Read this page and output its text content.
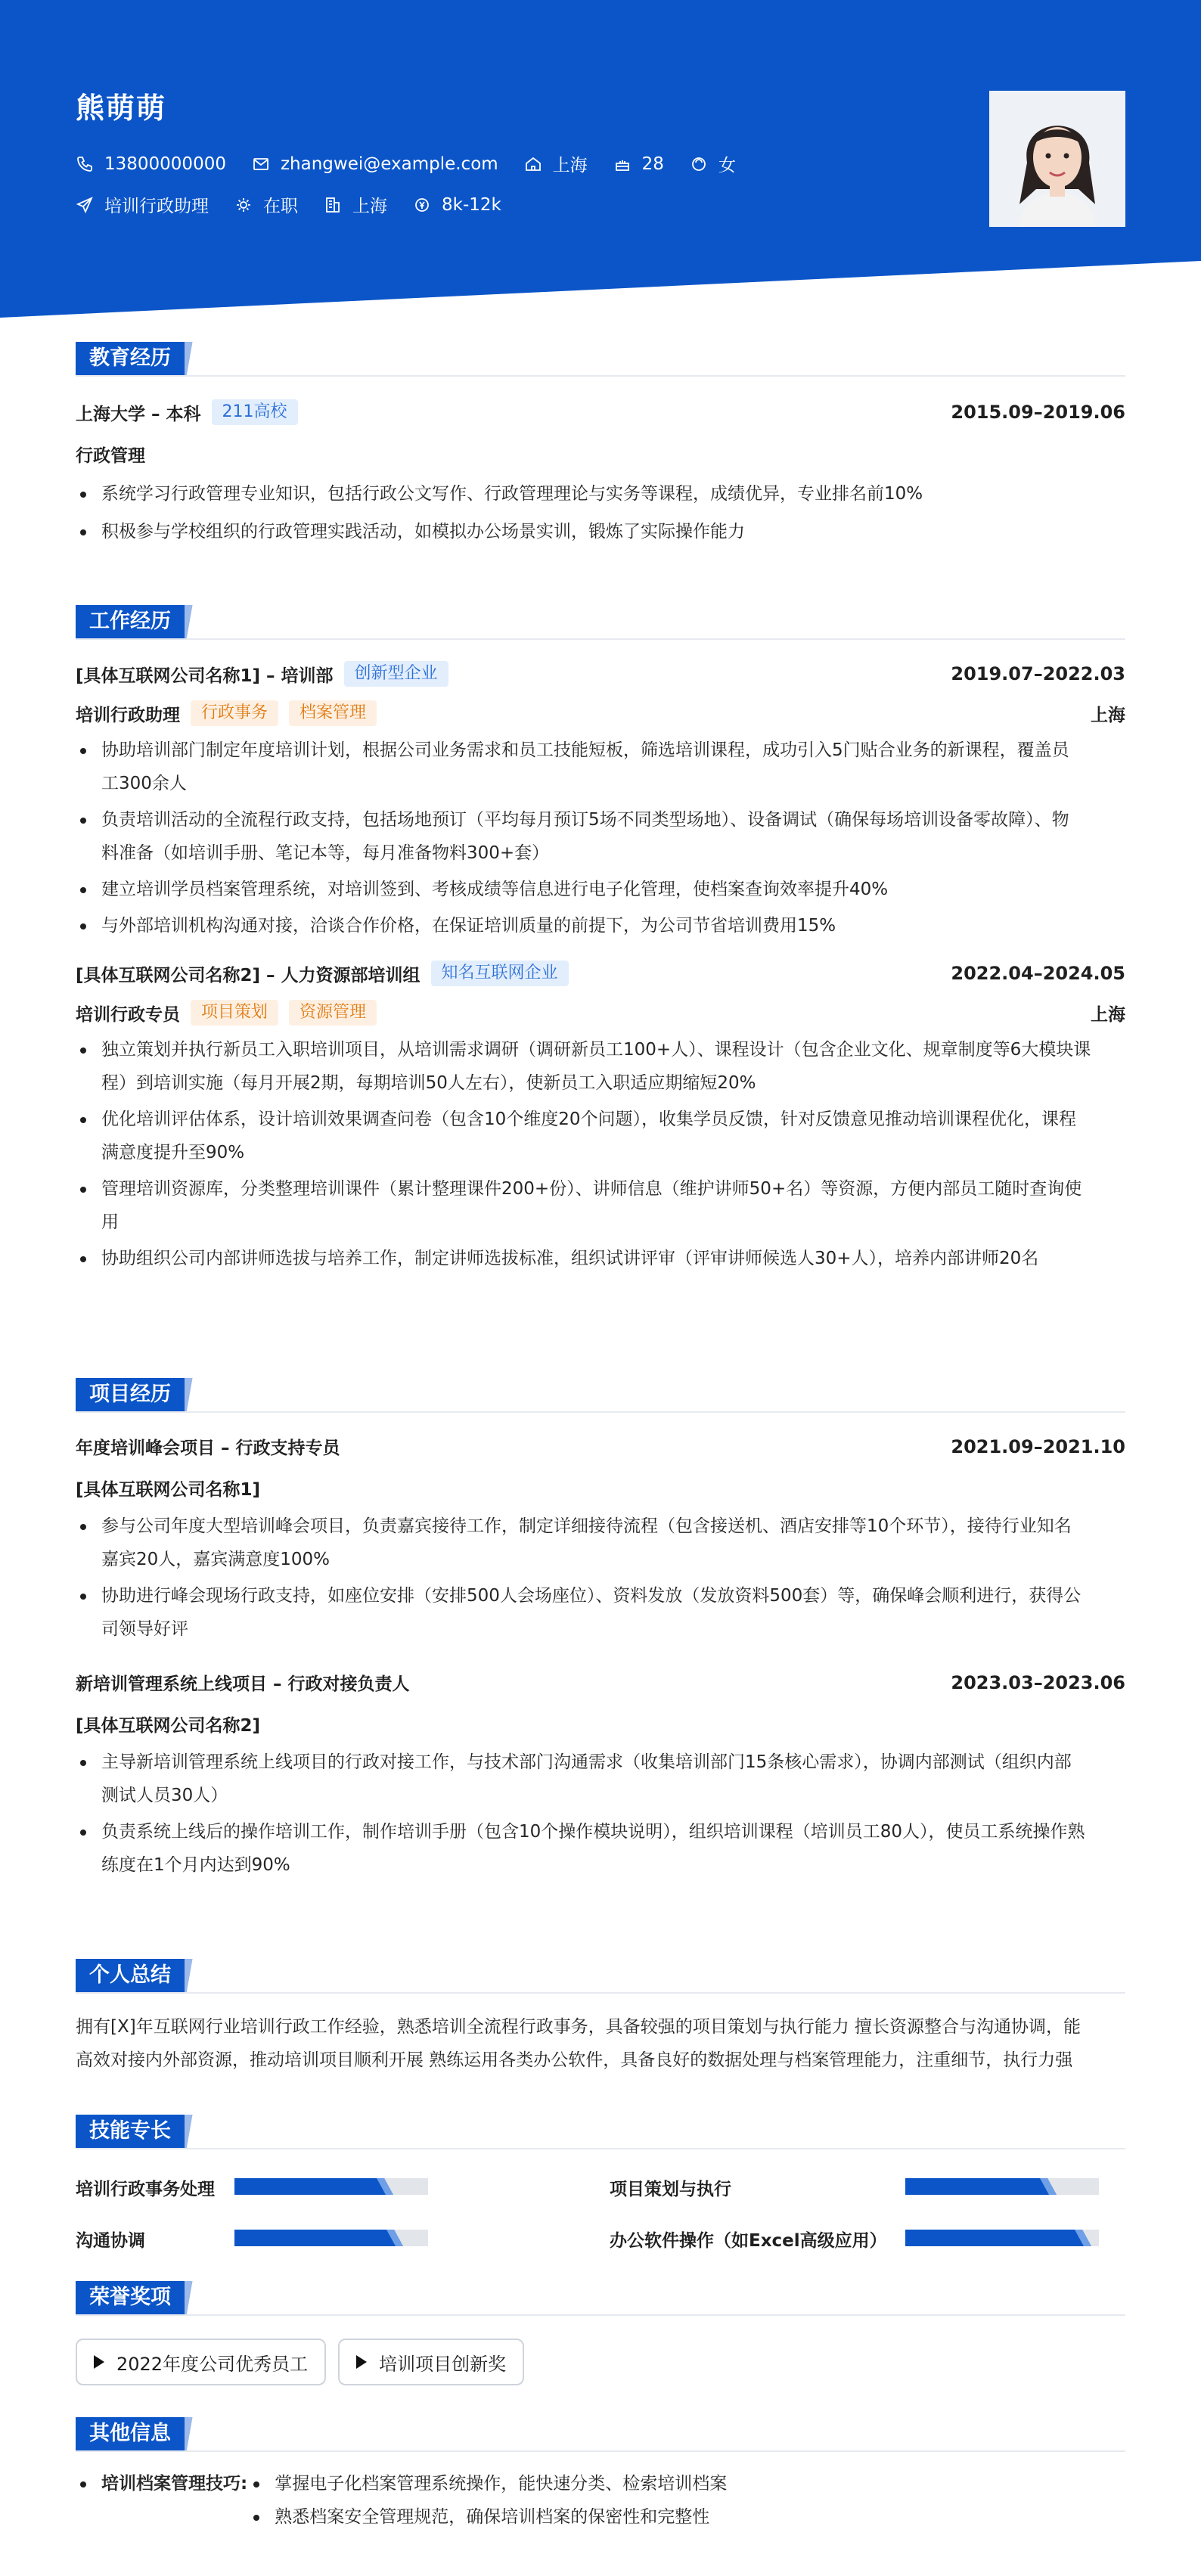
熊萌萌
13800000000	zhangwei@example.com	上海	28	女
培训行政助理	在职	上海	8k-12k
教育经历
上海大学 – 本科	211高校	2015.09–2019.06
行政管理
系统学习行政管理专业知识，包括行政公文写作、行政管理理论与实务等课程，成绩优异，专业排名前10%
积极参与学校组织的行政管理实践活动，如模拟办公场景实训，锻炼了实际操作能力
工作经历
[具体互联网公司名称1] – 培训部	创新型企业	2019.07–2022.03
培训行政助理	行政事务	档案管理	上海
协助培训部门制定年度培训计划，根据公司业务需求和员工技能短板，筛选培训课程，成功引入5门贴合业务的新课程，覆盖员
工300余人
负责培训活动的全流程行政支持，包括场地预订（平均每月预订5场不同类型场地）、设备调试（确保每场培训设备零故障）、物
料准备（如培训手册、笔记本等，每月准备物料300+套）
建立培训学员档案管理系统，对培训签到、考核成绩等信息进行电子化管理，使档案查询效率提升40%
与外部培训机构沟通对接，洽谈合作价格，在保证培训质量的前提下，为公司节省培训费用15%
[具体互联网公司名称2] – 人力资源部培训组	知名互联网企业	2022.04–2024.05
培训行政专员	项目策划	资源管理	上海
独立策划并执行新员工入职培训项目，从培训需求调研（调研新员工100+人）、课程设计（包含企业文化、规章制度等6大模块课
程）到培训实施（每月开展2期，每期培训50人左右），使新员工入职适应期缩短20%
优化培训评估体系，设计培训效果调查问卷（包含10个维度20个问题），收集学员反馈，针对反馈意见推动培训课程优化，课程
满意度提升至90%
管理培训资源库，分类整理培训课件（累计整理课件200+份）、讲师信息（维护讲师50+名）等资源，方便内部员工随时查询使
用
协助组织公司内部讲师选拔与培养工作，制定讲师选拔标准，组织试讲评审（评审讲师候选人30+人），培养内部讲师20名
项目经历
年度培训峰会项目 – 行政支持专员	2021.09–2021.10
[具体互联网公司名称1]
参与公司年度大型培训峰会项目，负责嘉宾接待工作，制定详细接待流程（包含接送机、酒店安排等10个环节），接待行业知名
嘉宾20人，嘉宾满意度100%
协助进行峰会现场行政支持，如座位安排（安排500人会场座位）、资料发放（发放资料500套）等，确保峰会顺利进行，获得公
司领导好评
新培训管理系统上线项目 – 行政对接负责人	2023.03–2023.06
[具体互联网公司名称2]
主导新培训管理系统上线项目的行政对接工作，与技术部门沟通需求（收集培训部门15条核心需求），协调内部测试（组织内部
测试人员30人）
负责系统上线后的操作培训工作，制作培训手册（包含10个操作模块说明），组织培训课程（培训员工80人），使员工系统操作熟
练度在1个月内达到90%
个人总结
拥有[X]年互联网行业培训行政工作经验，熟悉培训全流程行政事务，具备较强的项目策划与执行能力 擅长资源整合与沟通协调，能
高效对接内外部资源，推动培训项目顺利开展 熟练运用各类办公软件，具备良好的数据处理与档案管理能力，注重细节，执行力强
技能专长
培训行政事务处理	项目策划与执行
沟通协调	办公软件操作（如Excel高级应用）
荣誉奖项
2022年度公司优秀员工	培训项目创新奖
其他信息
培训档案管理技巧:	掌握电子化档案管理系统操作，能快速分类、检索培训档案
熟悉档案安全管理规范，确保培训档案的保密性和完整性
